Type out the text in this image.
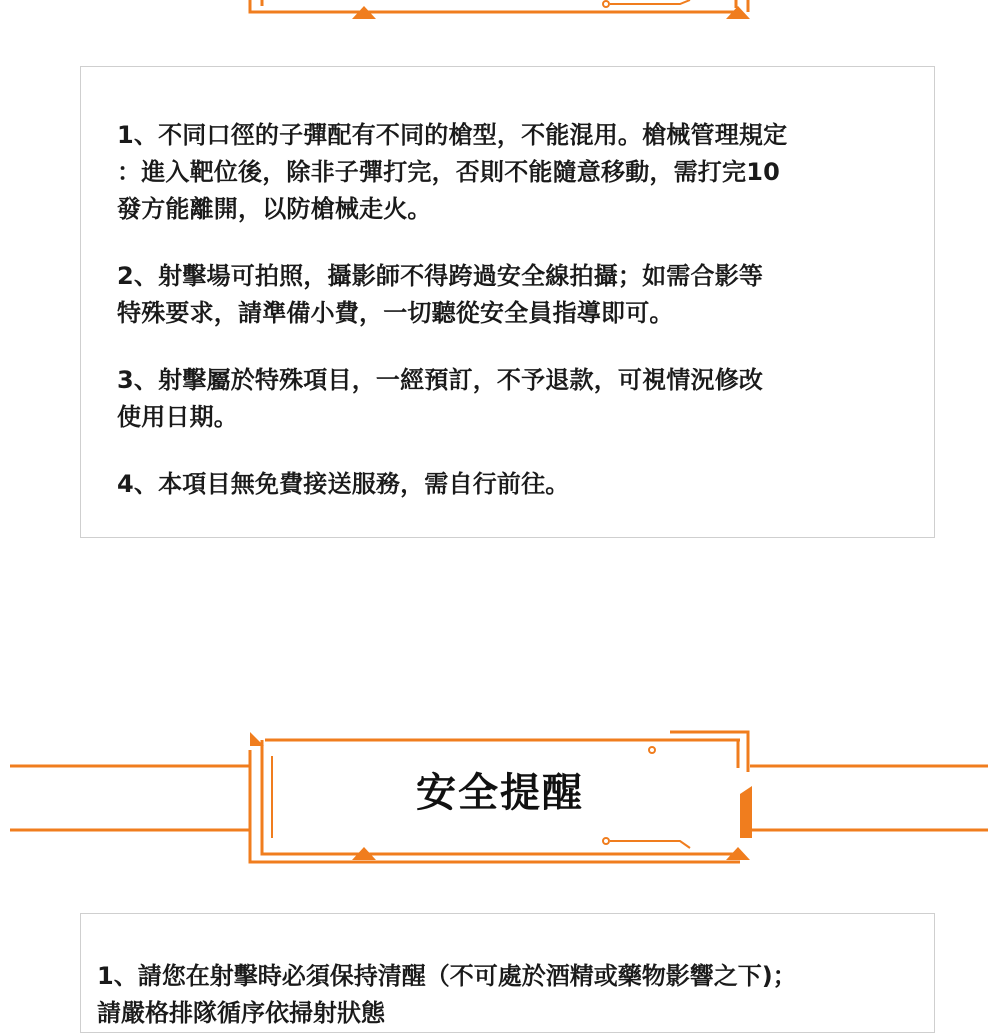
1、不同口徑的子彈配有不同的槍型，不能混用。槍械管理規定
：進入靶位後，除非子彈打完，否則不能隨意移動，需打完10
發方能離開，以防槍械走火。

2、射擊場可拍照，攝影師不得跨過安全線拍攝；如需合影等
特殊要求，請準備小費，一切聽從安全員指導即可。

3、射擊屬於特殊項目，一經預訂，不予退款，可視情況修改
使用日期。

4、本項目無免費接送服務，需自行前往。

安全提醒

1、請您在射擊時必須保持清醒（不可處於酒精或藥物影響之下)；
請嚴格排隊循序依掃射狀態
